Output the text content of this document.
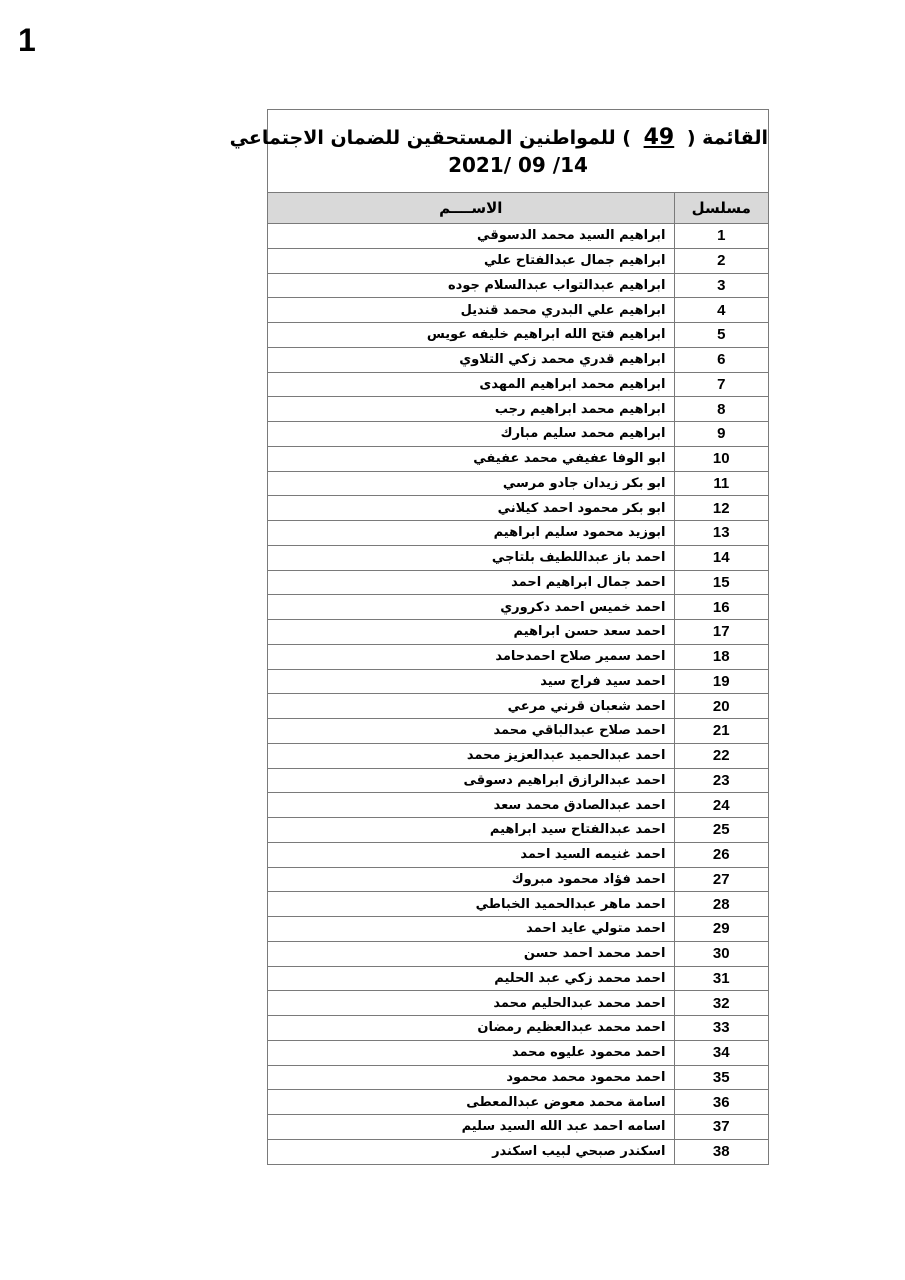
1
القائمة ( 49 ) للمواطنين المستحقين للضمان الاجتماعي
2021/ 09 /14
مسلسل	الاســــم
1	ابراهيم السيد محمد الدسوقي
2	ابراهيم جمال عبدالفتاح علي
3	ابراهيم عبدالتواب عبدالسلام جوده
4	ابراهيم علي البدري محمد قنديل
5	ابراهيم فتح الله ابراهيم خليفه عويس
6	ابراهيم قدري محمد زكي التلاوي
7	ابراهيم محمد ابراهيم المهدى
8	ابراهيم محمد ابراهيم رجب
9	ابراهيم محمد سليم مبارك
10	ابو الوفا عفيفي محمد عفيفي
11	ابو بكر زيدان جادو مرسي
12	ابو بكر محمود احمد كيلاني
13	ابوزيد محمود سليم ابراهيم
14	احمد باز عبداللطيف بلتاجي
15	احمد جمال ابراهيم احمد
16	احمد خميس احمد دكروري
17	احمد سعد حسن ابراهيم
18	احمد سمير صلاح احمدحامد
19	احمد سيد فراج سيد
20	احمد شعبان قرني مرعي
21	احمد صلاح عبدالباقي محمد
22	احمد عبدالحميد عبدالعزيز محمد
23	احمد عبدالرازق ابراهيم دسوقى
24	احمد عبدالصادق محمد سعد
25	احمد عبدالفتاح سيد ابراهيم
26	احمد غنيمه السيد احمد
27	احمد فؤاد محمود مبروك
28	احمد ماهر عبدالحميد الخباطي
29	احمد متولي عايد احمد
30	احمد محمد احمد حسن
31	احمد محمد زكي عبد الحليم
32	احمد محمد عبدالحليم محمد
33	احمد محمد عبدالعظيم رمضان
34	احمد محمود عليوه محمد
35	احمد محمود محمد محمود
36	اسامة محمد معوض عبدالمعطى
37	اسامه احمد عبد الله السيد سليم
38	اسكندر صبحي لبيب اسكندر
